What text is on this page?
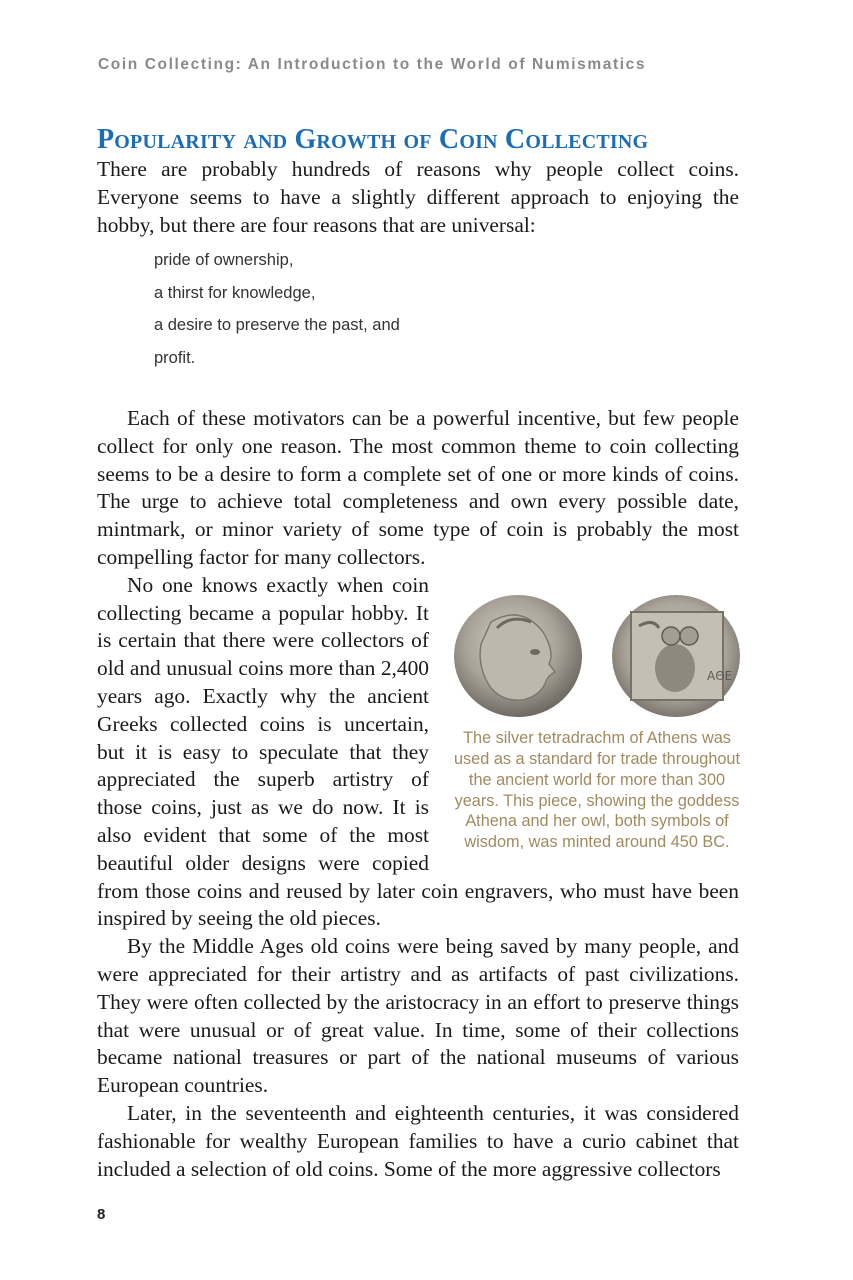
Coin Collecting: An Introduction to the World of Numismatics
Popularity and Growth of Coin Collecting

There are probably hundreds of reasons why people collect coins. Everyone seems to have a slightly different approach to enjoying the hobby, but there are four reasons that are universal:

pride of ownership,
a thirst for knowledge,
a desire to preserve the past, and
profit.

Each of these motivators can be a powerful incentive, but few people collect for only one reason. The most common theme to coin collecting seems to be a desire to form a complete set of one or more kinds of coins. The urge to achieve total completeness and own every possible date, mintmark, or minor variety of some type of coin is probably the most compelling factor for many collectors.

ΑΘΕ
The silver tetradrachm of Athens was used as a standard for trade throughout the ancient world for more than 300 years. This piece, showing the goddess Athena and her owl, both symbols of wisdom, was minted around 450 BC.

No one knows exactly when coin collecting became a popular hobby. It is certain that there were collectors of old and unusual coins more than 2,400 years ago. Exactly why the ancient Greeks collected coins is uncertain, but it is easy to speculate that they appreciated the superb artistry of those coins, just as we do now. It is also evident that some of the most beautiful older designs were copied from those coins and reused by later coin engravers, who must have been inspired by seeing the old pieces.

By the Middle Ages old coins were being saved by many people, and were appreciated for their artistry and as artifacts of past civilizations. They were often collected by the aristocracy in an effort to preserve things that were unusual or of great value. In time, some of their collections became national treasures or part of the national museums of various European countries.

Later, in the seventeenth and eighteenth centuries, it was considered fashionable for wealthy European families to have a curio cabinet that included a selection of old coins. Some of the more aggressive collectors

8
